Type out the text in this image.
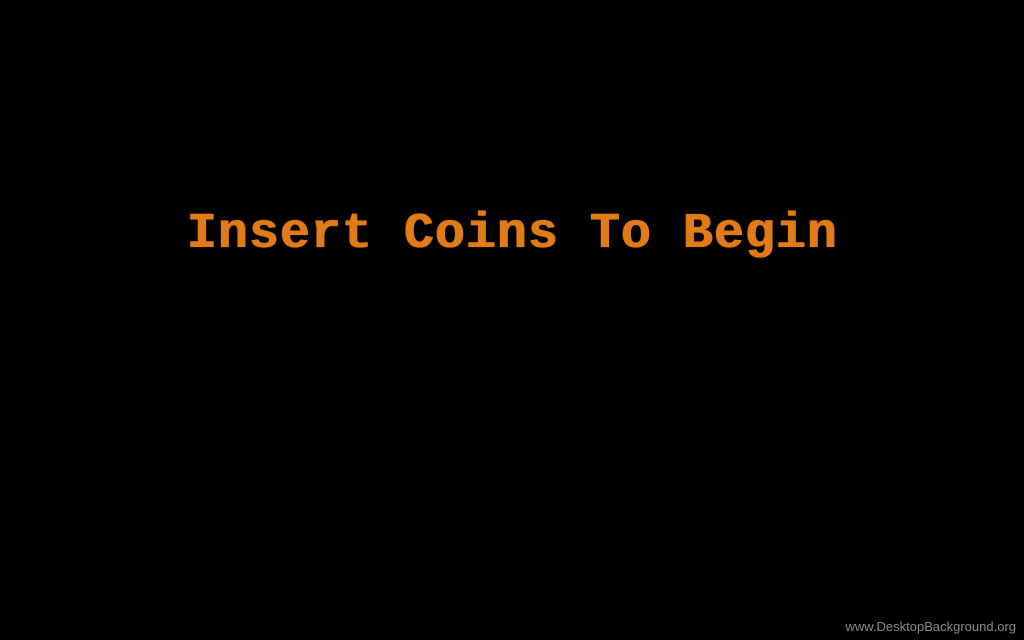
Insert Coins To Begin
www.DesktopBackground.org
